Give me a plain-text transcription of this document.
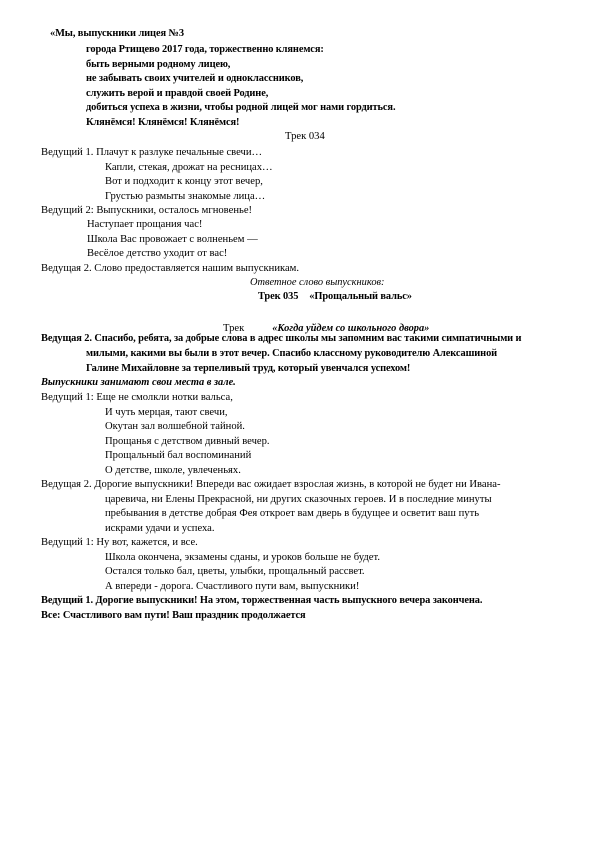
«Мы, выпускники лицея №3
города Ртищево 2017 года, торжественно клянемся:
быть верными родному лицею,
не забывать своих учителей и одноклассников,
служить верой и правдой своей Родине,
добиться успеха в жизни, чтобы родной лицей мог нами гордиться.
Клянёмся! Клянёмся! Клянёмся!
Трек 034
Ведущий 1. Плачут к разлуке печальные свечи…
Капли, стекая, дрожат на ресницах…
Вот и подходит к концу этот вечер,
Грустью размыты знакомые лица…
Ведущий 2: Выпускники, осталось мгновенье!
Наступает прощания час!
Школа Вас провожает с волненьем —
Весёлое детство уходит от вас!
Ведущая 2. Слово предоставляется нашим выпускникам.
Ответное слово выпускников:
Трек 035 «Прощальный вальс»
Трек	«Когда уйдем со школьного двора»
Ведущая 2. Спасибо, ребята, за добрые слова в адрес школы мы запомним вас такими симпатичными и
милыми, какими вы были в этот вечер. Спасибо классному руководителю Алексашиной
Галине Михайловне за терпеливый труд, который увенчался успехом!
Выпускники занимают свои места в зале.
Ведущий 1: Еще не смолкли нотки вальса,
И чуть мерцая, тают свечи,
Окутан зал волшебной тайной.
Прощанья с детством дивный вечер.
Прощальный бал воспоминаний
О детстве, школе, увлеченьях.
Ведущая 2. Дорогие выпускники! Впереди вас ожидает взрослая жизнь, в которой не будет ни Ивана-
царевича, ни Елены Прекрасной, ни других сказочных героев. И в последние минуты
пребывания в детстве добрая Фея откроет вам дверь в будущее и осветит ваш путь
искрами удачи и успеха.
Ведущий 1: Ну вот, кажется, и все.
Школа окончена, экзамены сданы, и уроков больше не будет.
Остался только бал, цветы, улыбки, прощальный рассвет.
А впереди - дорога. Счастливого пути вам, выпускники!
Ведущий 1. Дорогие выпускники! На этом, торжественная часть выпускного вечера закончена.
Все: Счастливого вам пути! Ваш праздник продолжается
